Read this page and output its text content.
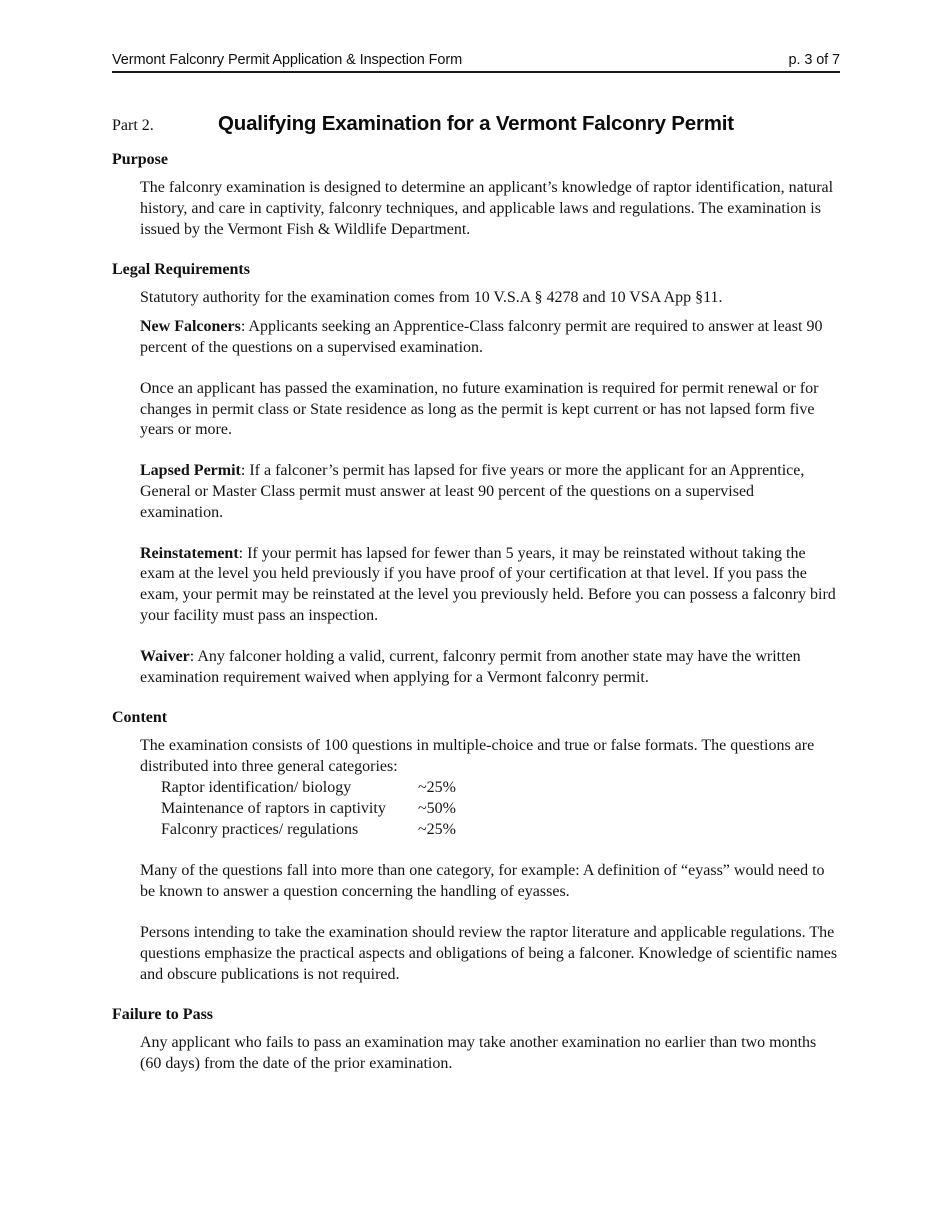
Vermont Falconry Permit Application & Inspection Form	p. 3 of 7
Part 2.	Qualifying Examination for a Vermont Falconry Permit
Purpose

The falconry examination is designed to determine an applicant’s knowledge of raptor identification, natural history, and care in captivity, falconry techniques, and applicable laws and regulations. The examination is issued by the Vermont Fish & Wildlife Department.

Legal Requirements

Statutory authority for the examination comes from 10 V.S.A § 4278 and 10 VSA App §11.

New Falconers: Applicants seeking an Apprentice-Class falconry permit are required to answer at least 90 percent of the questions on a supervised examination.

Once an applicant has passed the examination, no future examination is required for permit renewal or for changes in permit class or State residence as long as the permit is kept current or has not lapsed form five years or more.

Lapsed Permit: If a falconer’s permit has lapsed for five years or more the applicant for an Apprentice, General or Master Class permit must answer at least 90 percent of the questions on a supervised examination.

Reinstatement: If your permit has lapsed for fewer than 5 years, it may be reinstated without taking the exam at the level you held previously if you have proof of your certification at that level. If you pass the exam, your permit may be reinstated at the level you previously held. Before you can possess a falconry bird your facility must pass an inspection.

Waiver: Any falconer holding a valid, current, falconry permit from another state may have the written examination requirement waived when applying for a Vermont falconry permit.

Content

The examination consists of 100 questions in multiple-choice and true or false formats. The questions are distributed into three general categories:

Raptor identification/ biology	~25%
Maintenance of raptors in captivity	~50%
Falconry practices/ regulations	~25%

Many of the questions fall into more than one category, for example: A definition of “eyass” would need to be known to answer a question concerning the handling of eyasses.

Persons intending to take the examination should review the raptor literature and applicable regulations. The questions emphasize the practical aspects and obligations of being a falconer. Knowledge of scientific names and obscure publications is not required.

Failure to Pass

Any applicant who fails to pass an examination may take another examination no earlier than two months (60 days) from the date of the prior examination.
